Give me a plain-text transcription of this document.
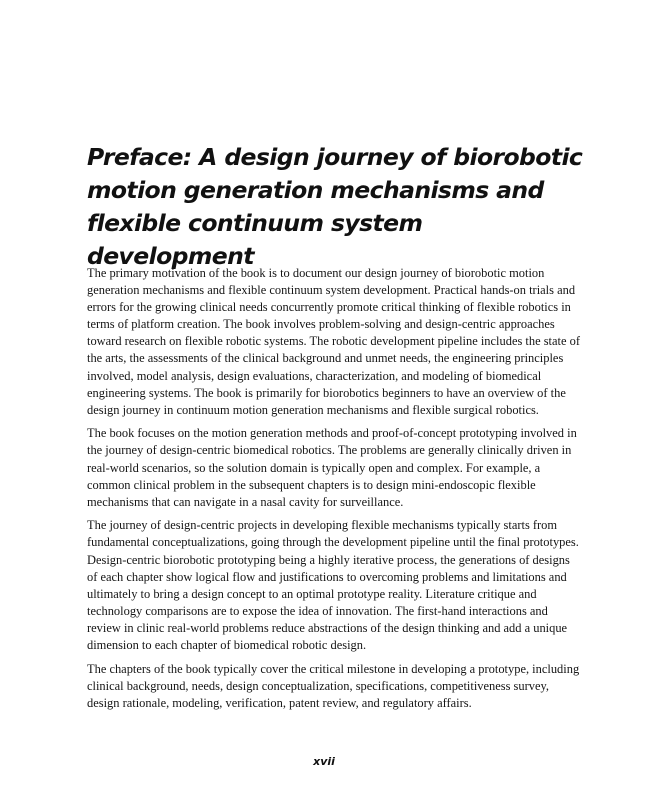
Preface: A design journey of biorobotic motion generation mechanisms and flexible continuum system development

The primary motivation of the book is to document our design journey of biorobotic motion generation mechanisms and flexible continuum system development. Practical hands-on trials and errors for the growing clinical needs concurrently promote critical thinking of flexible robotics in terms of platform creation. The book involves problem-solving and design-centric approaches toward research on flexible robotic systems. The robotic development pipeline includes the state of the arts, the assessments of the clinical background and unmet needs, the engineering principles involved, model analysis, design evaluations, characterization, and modeling of biomedical engineering systems. The book is primarily for biorobotics beginners to have an overview of the design journey in continuum motion generation mechanisms and flexible surgical robotics.

The book focuses on the motion generation methods and proof-of-concept prototyping involved in the journey of design-centric biomedical robotics. The problems are generally clinically driven in real-world scenarios, so the solution domain is typically open and complex. For example, a common clinical problem in the subsequent chapters is to design mini-endoscopic flexible mechanisms that can navigate in a nasal cavity for surveillance.

The journey of design-centric projects in developing flexible mechanisms typically starts from fundamental conceptualizations, going through the development pipeline until the final prototypes. Design-centric biorobotic prototyping being a highly iterative process, the generations of designs of each chapter show logical flow and justifications to overcoming problems and limitations and ultimately to bring a design concept to an optimal prototype reality. Literature critique and technology comparisons are to expose the idea of innovation. The first-hand interactions and review in clinic real-world problems reduce abstractions of the design thinking and add a unique dimension to each chapter of biomedical robotic design.

The chapters of the book typically cover the critical milestone in developing a prototype, including clinical background, needs, design conceptualization, specifications, competitiveness survey, design rationale, modeling, verification, patent review, and regulatory affairs.

xvii
